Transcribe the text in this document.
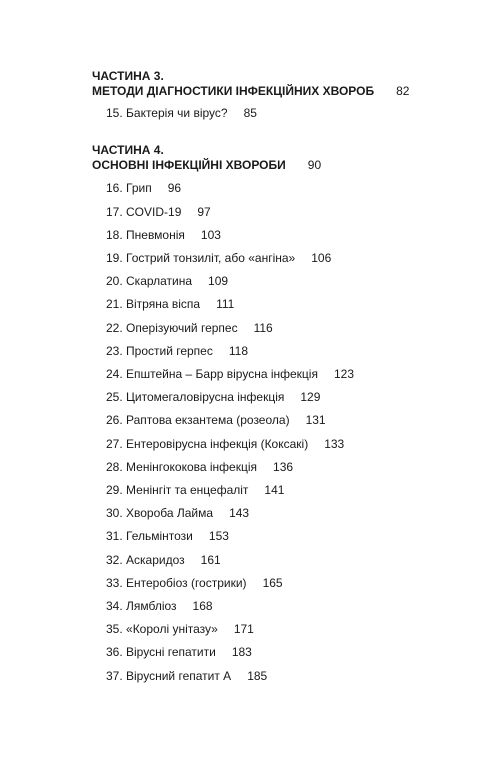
ЧАСТИНА 3.
МЕТОДИ ДІАГНОСТИКИ ІНФЕКЦІЙНИХ ХВОРОБ 82
15. Бактерія чи вірус? 85
ЧАСТИНА 4.
ОСНОВНІ ІНФЕКЦІЙНІ ХВОРОБИ 90
16. Грип 96
17. COVID-19 97
18. Пневмонія 103
19. Гострий тонзиліт, або «ангіна» 106
20. Скарлатина 109
21. Вітряна віспа 111
22. Оперізуючий герпес 116
23. Простий герпес 118
24. Епштейна – Барр вірусна інфекція 123
25. Цитомегаловірусна інфекція 129
26. Раптова екзантема (розеола) 131
27. Ентеровірусна інфекція (Коксакі) 133
28. Менінгококова інфекція 136
29. Менінгіт та енцефаліт 141
30. Хвороба Лайма 143
31. Гельмінтози 153
32. Аскаридоз 161
33. Ентеробіоз (гострики) 165
34. Лямбліоз 168
35. «Королі унітазу» 171
36. Вірусні гепатити 183
37. Вірусний гепатит А 185
